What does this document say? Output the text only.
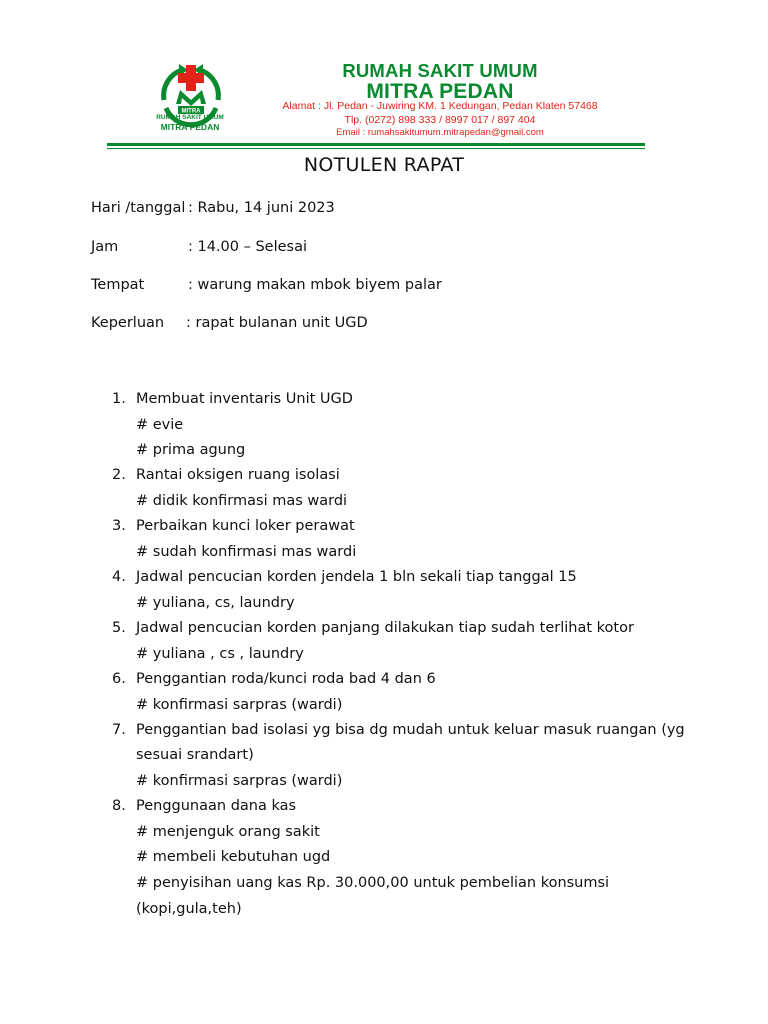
MITRA
RUMAH SAKIT UMUM
MITRA PEDAN
RUMAH SAKIT UMUM
MITRA PEDAN
Alamat : Jl. Pedan - Juwiring KM. 1 Kedungan, Pedan Klaten 57468
Tlp. (0272) 898 333 / 8997 017 / 897 404
Email : rumahsakitumum.mitrapedan@gmail.com
NOTULEN RAPAT
Hari /tanggal : Rabu, 14 juni 2023
Jam	: 14.00 – Selesai
Tempat	: warung makan mbok biyem palar
Keperluan : rapat bulanan unit UGD
1. Membuat inventaris Unit UGD
# evie
# prima agung
2. Rantai oksigen ruang isolasi
# didik konfirmasi mas wardi
3. Perbaikan kunci loker perawat
# sudah konfirmasi mas wardi
4. Jadwal pencucian korden jendela 1 bln sekali tiap tanggal 15
# yuliana, cs, laundry
5. Jadwal pencucian korden panjang dilakukan tiap sudah terlihat kotor
# yuliana , cs , laundry
6. Penggantian roda/kunci roda bad 4 dan 6
# konfirmasi sarpras (wardi)
7. Penggantian bad isolasi yg bisa dg mudah untuk keluar masuk ruangan (yg
sesuai srandart)
# konfirmasi sarpras (wardi)
8. Penggunaan dana kas
# menjenguk orang sakit
# membeli kebutuhan ugd
# penyisihan uang kas Rp. 30.000,00 untuk pembelian konsumsi
(kopi,gula,teh)
